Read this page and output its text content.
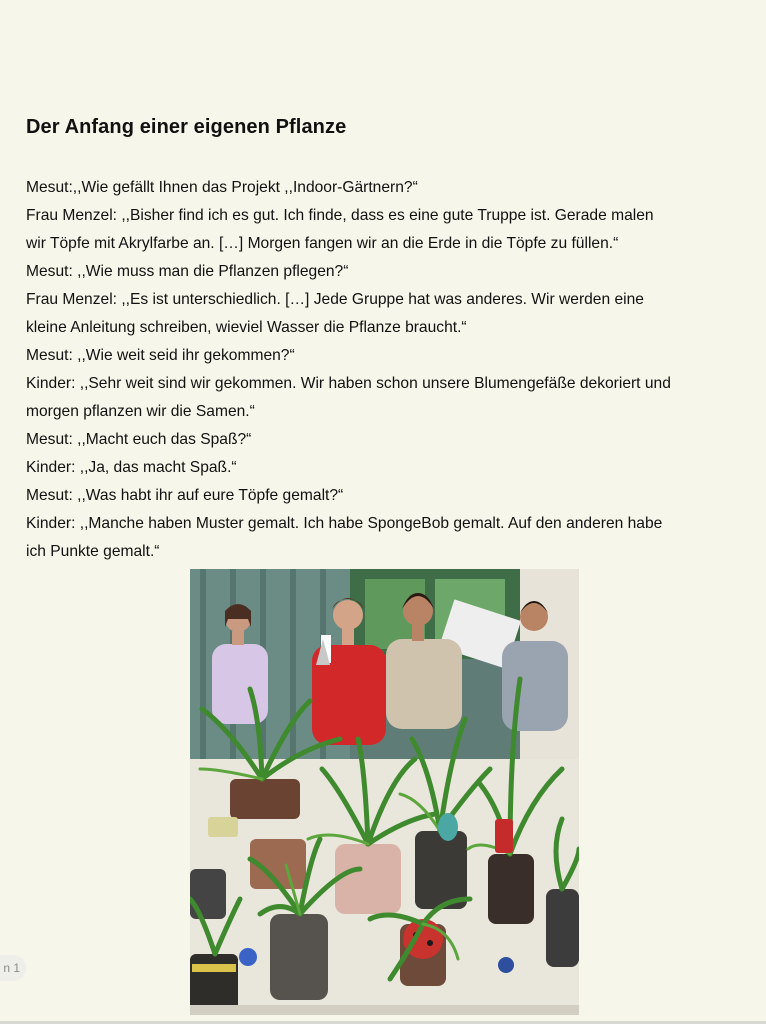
Der Anfang einer eigenen Pflanze
Mesut:,,Wie gefällt Ihnen das Projekt ,,Indoor-Gärtnern?“
Frau Menzel: ,,Bisher find ich es gut. Ich finde, dass es eine gute Truppe ist. Gerade malen
wir Töpfe mit Akrylfarbe an. […] Morgen fangen wir an die Erde in die Töpfe zu füllen.“
Mesut: ,,Wie muss man die Pflanzen pflegen?“
Frau Menzel: ,,Es ist unterschiedlich. […] Jede Gruppe hat was anderes. Wir werden eine
kleine Anleitung schreiben, wieviel Wasser die Pflanze braucht.“
Mesut: ,,Wie weit seid ihr gekommen?“
Kinder: ,,Sehr weit sind wir gekommen. Wir haben schon unsere Blumengefäße dekoriert und
morgen pflanzen wir die Samen.“
Mesut: ,,Macht euch das Spaß?“
Kinder: ,,Ja, das macht Spaß.“
Mesut: ,,Was habt ihr auf eure Töpfe gemalt?“
Kinder: ,,Manche haben Muster gemalt. Ich habe SpongeBob gemalt. Auf den anderen habe
ich Punkte gemalt.“
n 1
